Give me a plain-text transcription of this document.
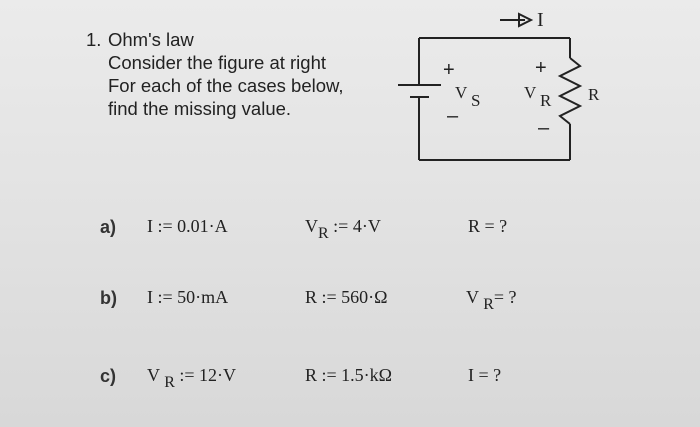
1. Ohm's law
Consider the figure at right
For each of the cases below,
find the missing value.
I
+
–
V S
+
–
V R R
a)	I := 0.01·A	VR := 4·V	R = ?
b)	I := 50·mA	R := 560·Ω	V R= ?
c)	V R := 12·V	R := 1.5·kΩ	I = ?
